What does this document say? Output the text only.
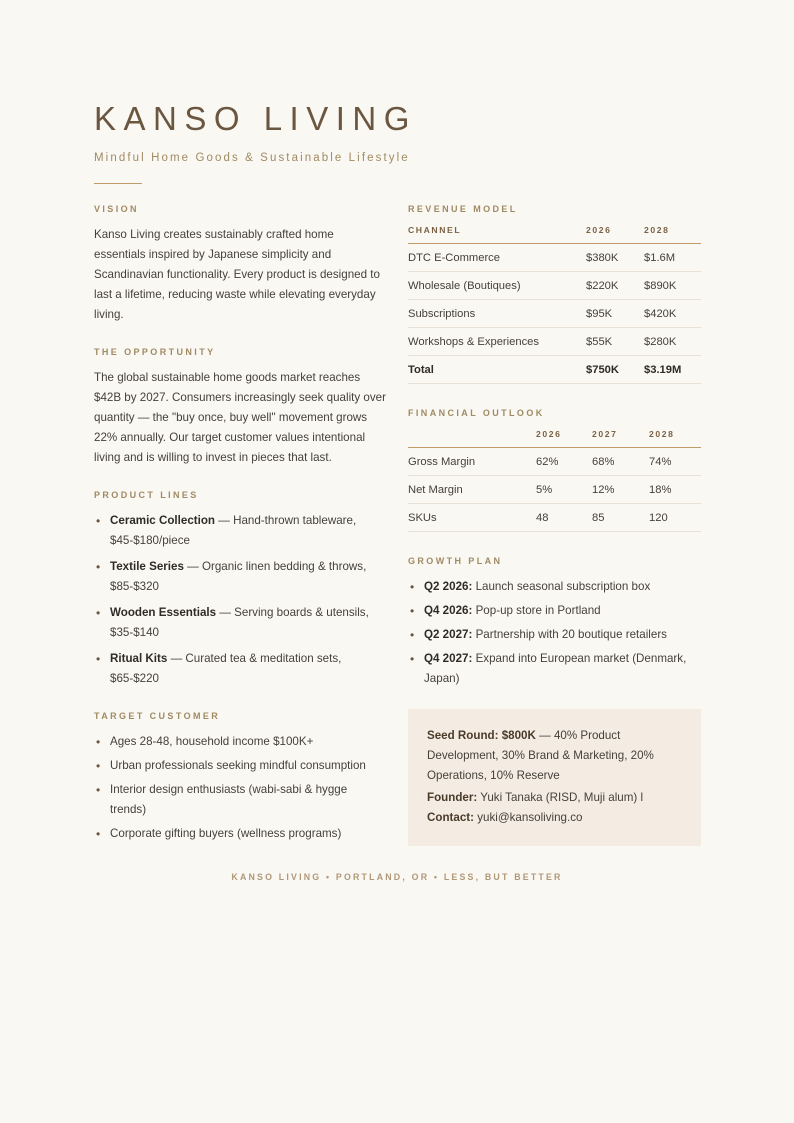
KANSO LIVING
Mindful Home Goods & Sustainable Lifestyle
VISION

Kanso Living creates sustainably crafted home essentials inspired by Japanese simplicity and Scandinavian functionality. Every product is designed to last a lifetime, reducing waste while elevating everyday living.

THE OPPORTUNITY

The global sustainable home goods market reaches $42B by 2027. Consumers increasingly seek quality over quantity — the "buy once, buy well" movement grows 22% annually. Our target customer values intentional living and is willing to invest in pieces that last.

PRODUCT LINES
• Ceramic Collection — Hand-thrown tableware, $45-$180/piece
• Textile Series — Organic linen bedding & throws, $85-$320
• Wooden Essentials — Serving boards & utensils, $35-$140
• Ritual Kits — Curated tea & meditation sets, $65-$220
TARGET CUSTOMER
• Ages 28-48, household income $100K+
• Urban professionals seeking mindful consumption
• Interior design enthusiasts (wabi-sabi & hygge trends)
• Corporate gifting buyers (wellness programs)
REVENUE MODEL
CHANNEL	2026	2028
DTC E-Commerce	$380K	$1.6M
Wholesale (Boutiques)	$220K	$890K
Subscriptions	$95K	$420K
Workshops & Experiences	$55K	$280K
Total	$750K	$3.19M
FINANCIAL OUTLOOK
	2026	2027	2028
Gross Margin	62%	68%	74%
Net Margin	5%	12%	18%
SKUs	48	85	120
GROWTH PLAN
• Q2 2026: Launch seasonal subscription box
• Q4 2026: Pop-up store in Portland
• Q2 2027: Partnership with 20 boutique retailers
• Q4 2027: Expand into European market (Denmark, Japan)

Seed Round: $800K — 40% Product Development, 30% Brand & Marketing, 20% Operations, 10% Reserve

Founder: Yuki Tanaka (RISD, Muji alum) l

Contact: yuki@kansoliving.co

KANSO LIVING • PORTLAND, OR • LESS, BUT BETTER
